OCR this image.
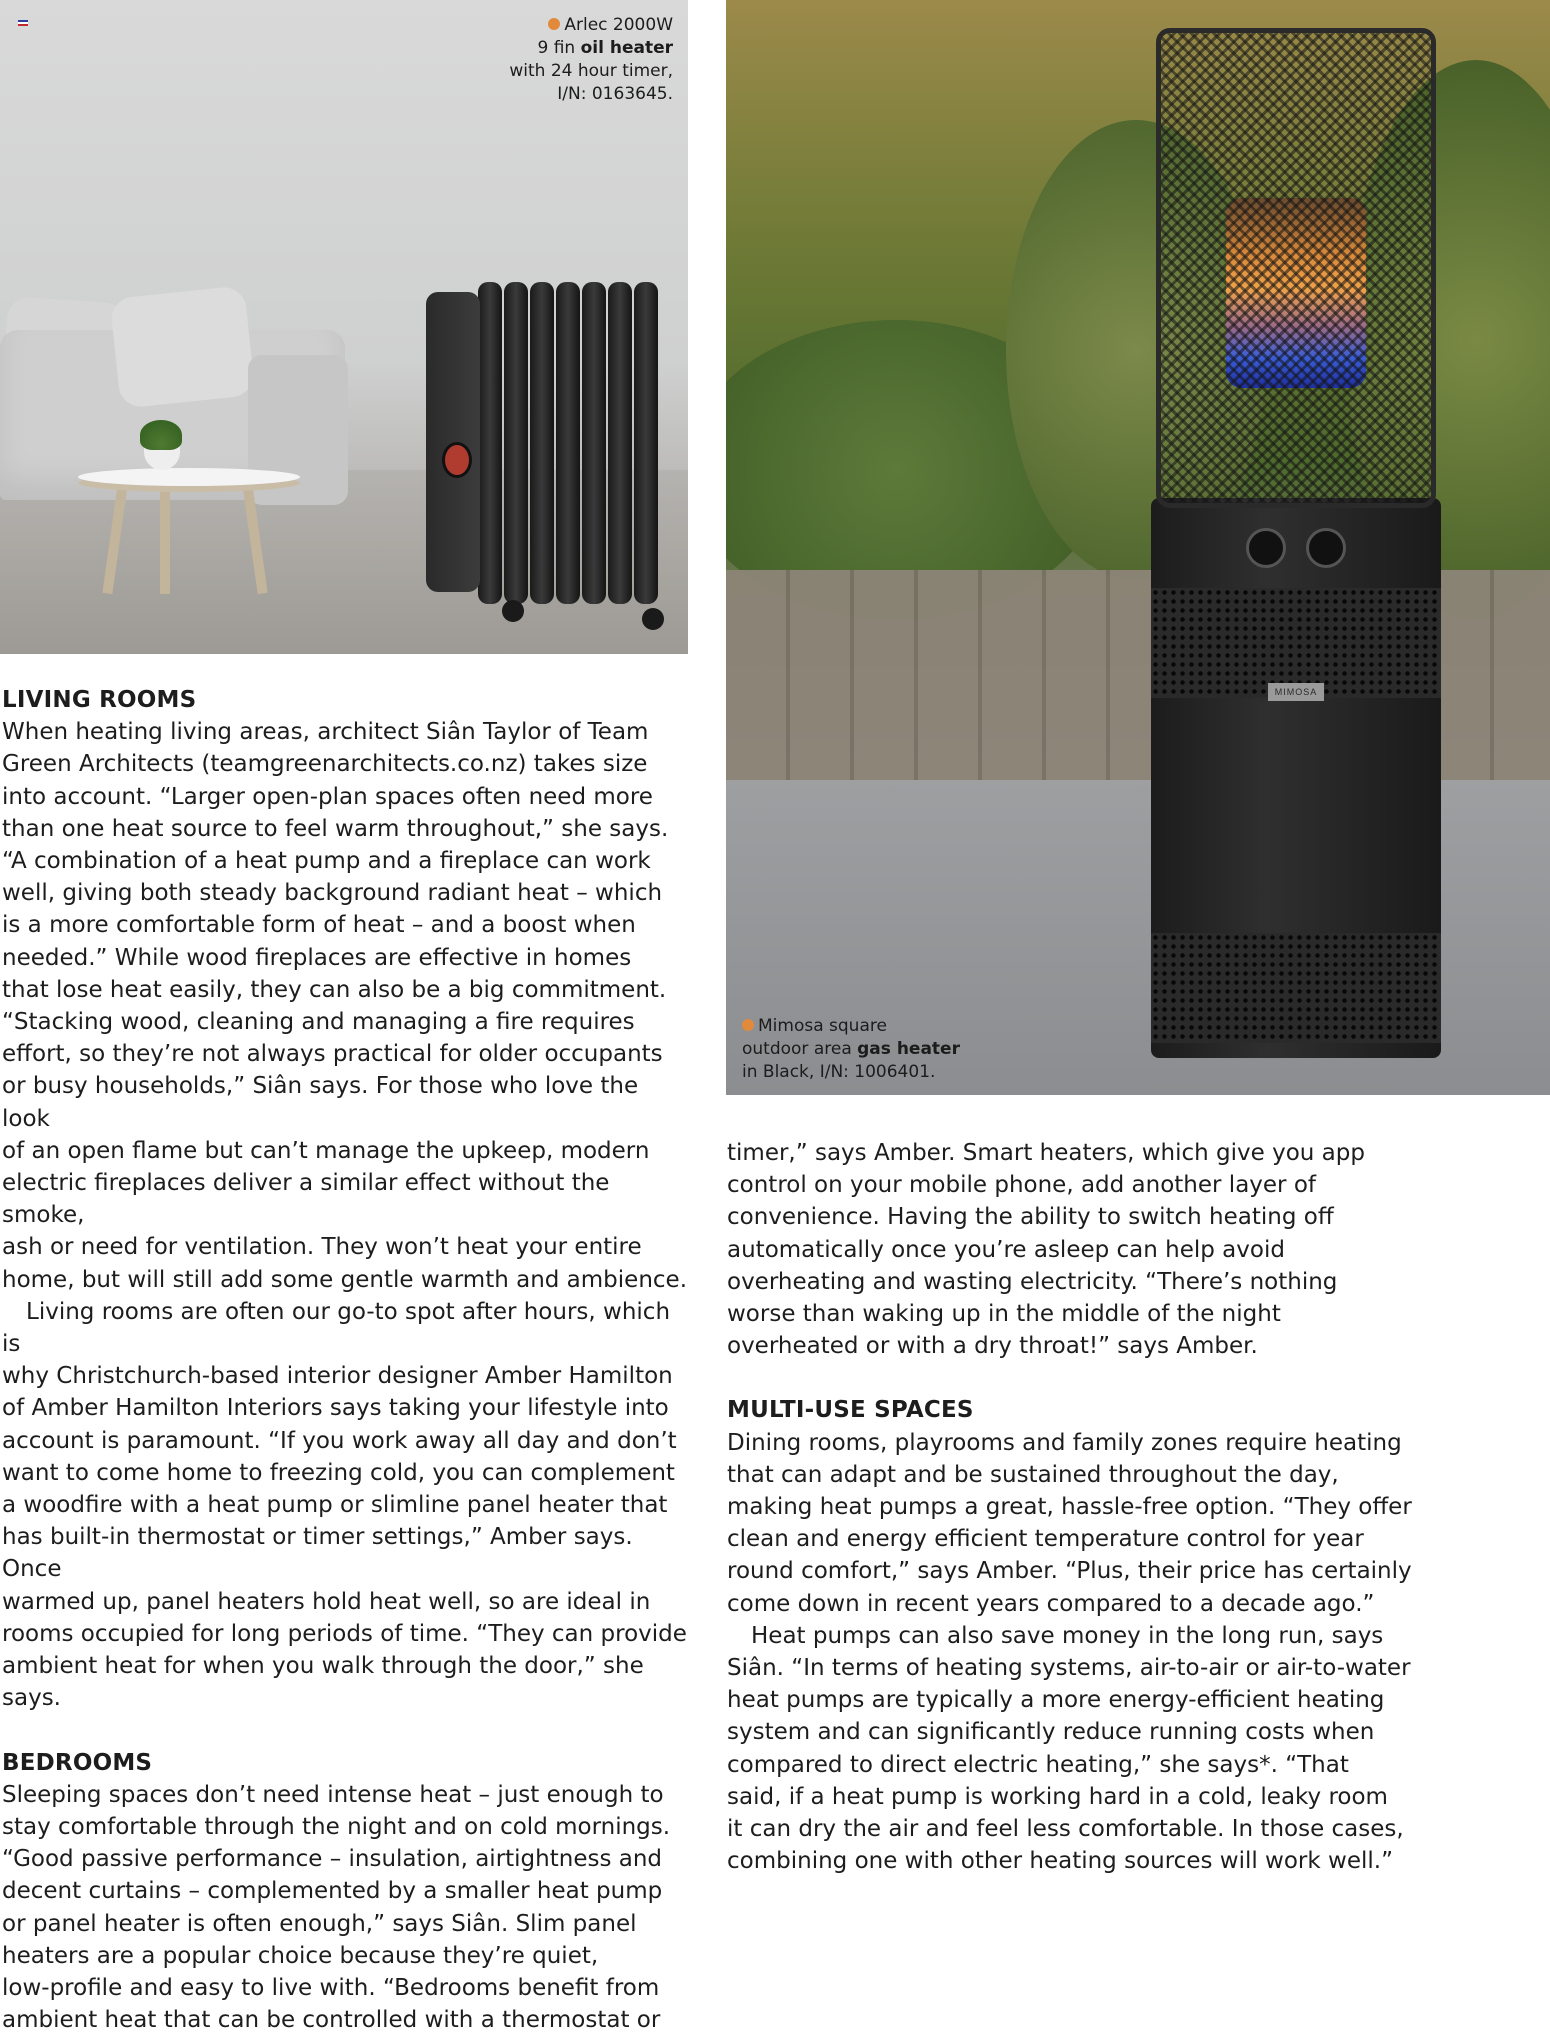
Arlec 2000W
9 fin oil heater
with 24 hour timer,
I/N: 0163645.
MIMOSA
Mimosa square
outdoor area gas heater
in Black, I/N: 1006401.
LIVING ROOMS

When heating living areas, architect Siân Taylor of Team
Green Architects (teamgreenarchitects.co.nz) takes size
into account. “Larger open-plan spaces often need more
than one heat source to feel warm throughout,” she says.
“A combination of a heat pump and a fireplace can work
well, giving both steady background radiant heat – which
is a more comfortable form of heat – and a boost when
needed.” While wood fireplaces are effective in homes
that lose heat easily, they can also be a big commitment.
“Stacking wood, cleaning and managing a fire requires
effort, so they’re not always practical for older occupants
or busy households,” Siân says. For those who love the look
of an open flame but can’t manage the upkeep, modern
electric fireplaces deliver a similar effect without the smoke,
ash or need for ventilation. They won’t heat your entire
home, but will still add some gentle warmth and ambience.

Living rooms are often our go-to spot after hours, which is
why Christchurch-based interior designer Amber Hamilton
of Amber Hamilton Interiors says taking your lifestyle into
account is paramount. “If you work away all day and don’t
want to come home to freezing cold, you can complement
a woodfire with a heat pump or slimline panel heater that
has built-in thermostat or timer settings,” Amber says. Once
warmed up, panel heaters hold heat well, so are ideal in
rooms occupied for long periods of time. “They can provide
ambient heat for when you walk through the door,” she says.

BEDROOMS

Sleeping spaces don’t need intense heat – just enough to
stay comfortable through the night and on cold mornings.
“Good passive performance – insulation, airtightness and
decent curtains – complemented by a smaller heat pump
or panel heater is often enough,” says Siân. Slim panel
heaters are a popular choice because they’re quiet,
low-profile and easy to live with. “Bedrooms benefit from
ambient heat that can be controlled with a thermostat or

timer,” says Amber. Smart heaters, which give you app
control on your mobile phone, add another layer of
convenience. Having the ability to switch heating off
automatically once you’re asleep can help avoid
overheating and wasting electricity. “There’s nothing
worse than waking up in the middle of the night
overheated or with a dry throat!” says Amber.

MULTI-USE SPACES

Dining rooms, playrooms and family zones require heating
that can adapt and be sustained throughout the day,
making heat pumps a great, hassle-free option. “They offer
clean and energy efficient temperature control for year
round comfort,” says Amber. “Plus, their price has certainly
come down in recent years compared to a decade ago.”

Heat pumps can also save money in the long run, says
Siân. “In terms of heating systems, air-to-air or air-to-water
heat pumps are typically a more energy-efficient heating
system and can significantly reduce running costs when
compared to direct electric heating,” she says*. “That
said, if a heat pump is working hard in a cold, leaky room
it can dry the air and feel less comfortable. In those cases,
combining one with other heating sources will work well.”
